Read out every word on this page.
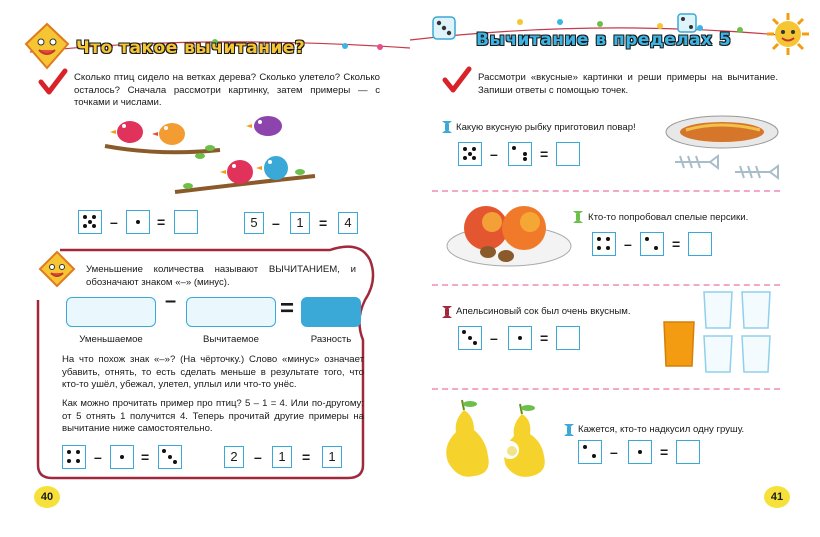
Что такое вычитание?	Вычитание в пределах 5
Сколько птиц сидело на ветках дерева? Сколько улетело? Сколько осталось? Сначала рассмотри картинку, затем примеры — с точками и числами.
–	=	5	–	1	=	4
Уменьшение количества называют ВЫЧИТАНИЕМ, и обозначают знаком «–» (минус).
–	=
Уменьшаемое	Вычитаемое	Разность
На что похож знак «–»? (На чёрточку.) Слово «минус» означает убавить, отнять, то есть сделать меньше в результате того, что кто-то ушёл, убежал, улетел, уплыл или что-то унёс.
Как можно прочитать пример про птиц? 5 – 1 = 4. Или по-другому: от 5 отнять 1 получится 4. Теперь прочитай другие примеры на вычитание ниже самостоятельно.
–	=	2	–	1	=	1
40
Рассмотри «вкусные» картинки и реши примеры на вычитание. Запиши ответы с помощью точек.
Какую вкусную рыбку приготовил повар!
–	=
Кто-то попробовал спелые персики.
–	=
Апельсиновый сок был очень вкусным.
–	=
Кажется, кто-то надкусил одну грушу.
–	=
41
